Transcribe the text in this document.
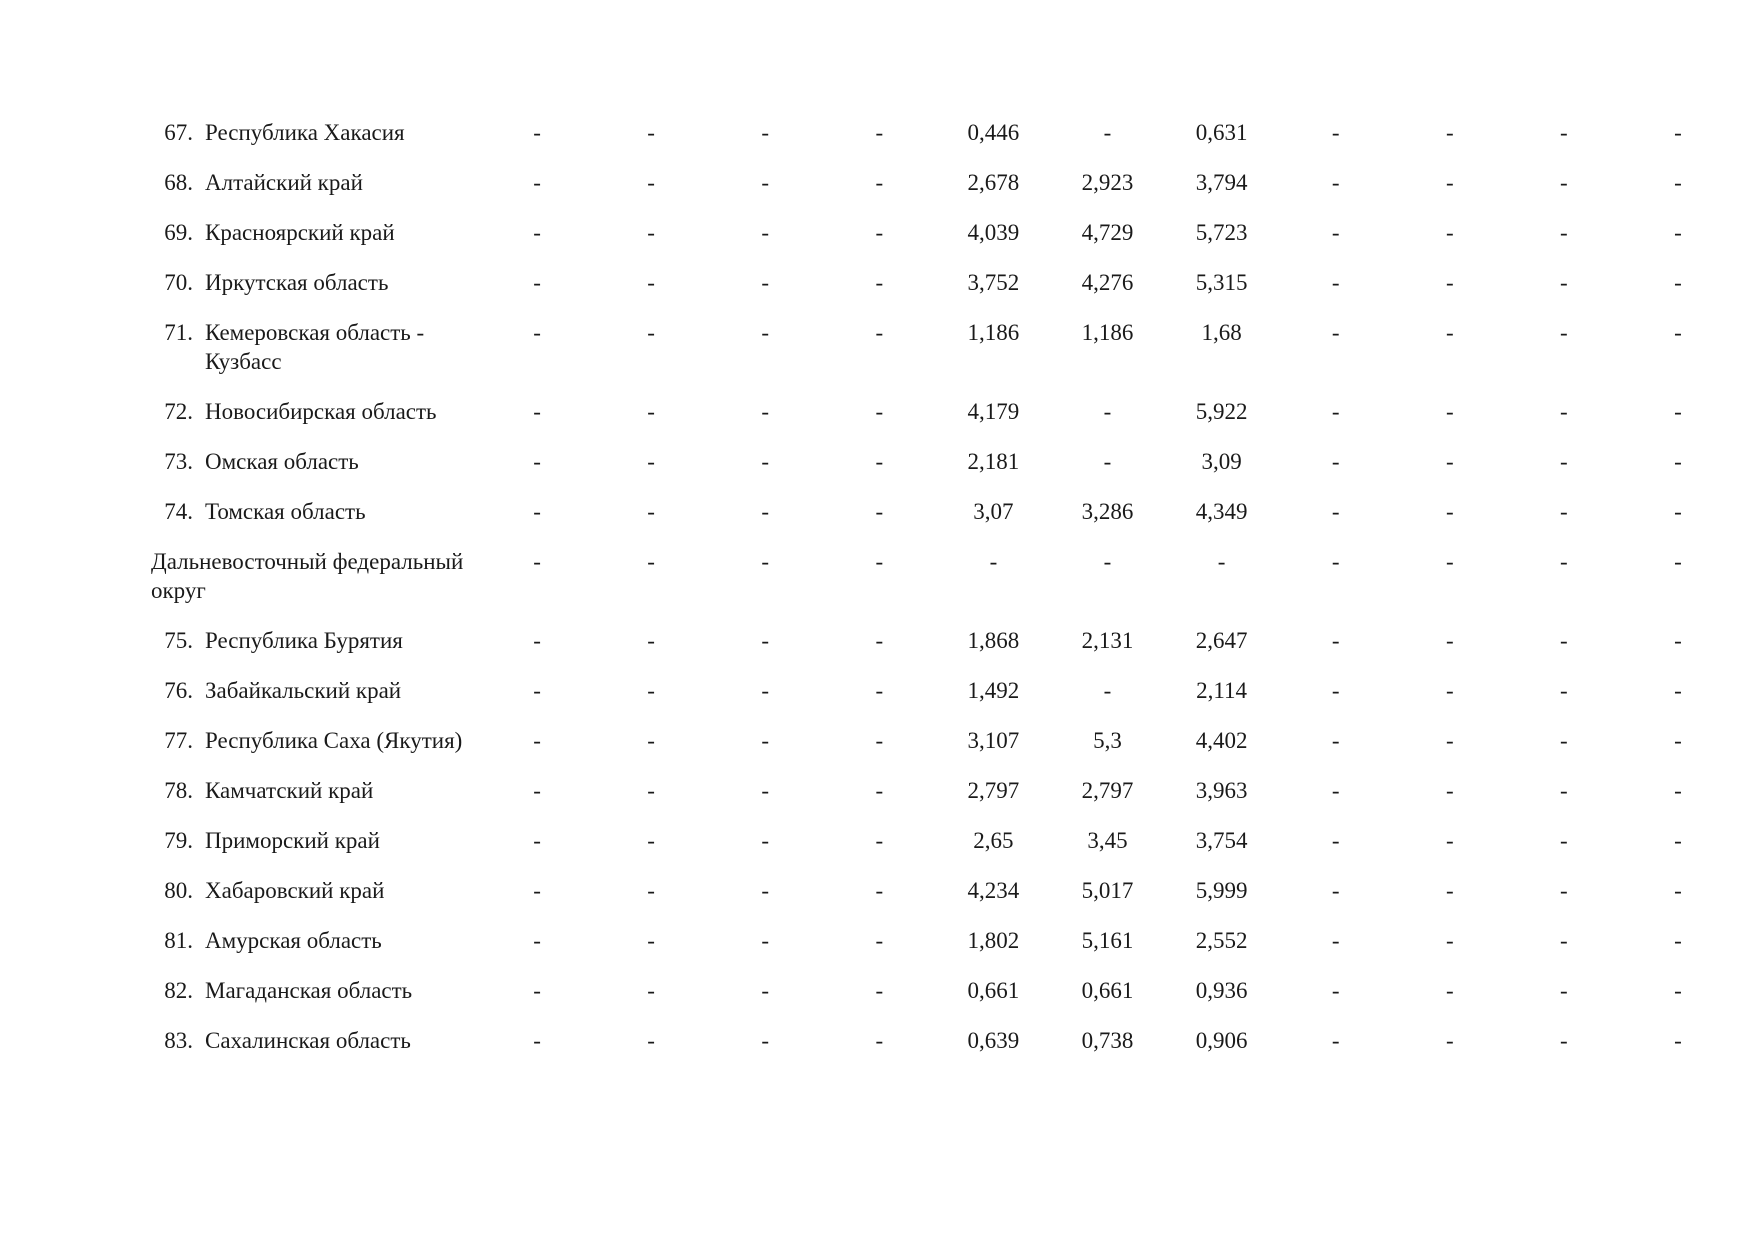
67.	Республика Хакасия	-	-	-	-	0,446	-	0,631	-	-	-	-
68.	Алтайский край	-	-	-	-	2,678	2,923	3,794	-	-	-	-
69.	Красноярский край	-	-	-	-	4,039	4,729	5,723	-	-	-	-
70.	Иркутская область	-	-	-	-	3,752	4,276	5,315	-	-	-	-
71.	Кемеровская область - Кузбасс	-	-	-	-	1,186	1,186	1,68	-	-	-	-
72.	Новосибирская область	-	-	-	-	4,179	-	5,922	-	-	-	-
73.	Омская область	-	-	-	-	2,181	-	3,09	-	-	-	-
74.	Томская область	-	-	-	-	3,07	3,286	4,349	-	-	-	-
Дальневосточный федеральный округ		-	-	-	-	-	-	-	-	-	-	-
75.	Республика Бурятия	-	-	-	-	1,868	2,131	2,647	-	-	-	-
76.	Забайкальский край	-	-	-	-	1,492	-	2,114	-	-	-	-
77.	Республика Саха (Якутия)	-	-	-	-	3,107	5,3	4,402	-	-	-	-
78.	Камчатский край	-	-	-	-	2,797	2,797	3,963	-	-	-	-
79.	Приморский край	-	-	-	-	2,65	3,45	3,754	-	-	-	-
80.	Хабаровский край	-	-	-	-	4,234	5,017	5,999	-	-	-	-
81.	Амурская область	-	-	-	-	1,802	5,161	2,552	-	-	-	-
82.	Магаданская область	-	-	-	-	0,661	0,661	0,936	-	-	-	-
83.	Сахалинская область	-	-	-	-	0,639	0,738	0,906	-	-	-	-
